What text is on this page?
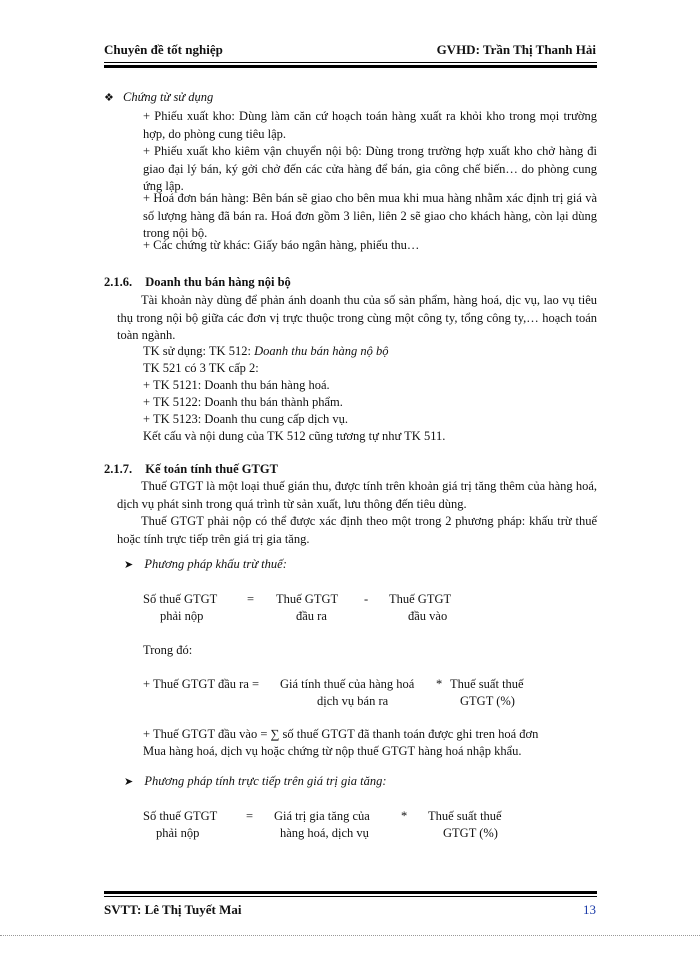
Chuyên đề tốt nghiệp	GVHD: Trần Thị Thanh Hải
❖ Chứng từ sử dụng
+ Phiếu xuất kho: Dùng làm căn cứ hoạch toán hàng xuất ra khỏi kho trong mọi trường hợp, do phòng cung tiêu lập.
+ Phiếu xuất kho kiêm vận chuyển nội bộ: Dùng trong trường hợp xuất kho chở hàng đi giao đại lý bán, ký gởi chở đến các cửa hàng để bán, gia công chế biến… do phòng cung ứng lập.
+ Hoá đơn bán hàng: Bên bán sẽ giao cho bên mua khi mua hàng nhằm xác định trị giá và số lượng hàng đã bán ra. Hoá đơn gồm 3 liên, liên 2 sẽ giao cho khách hàng, còn lại dùng trong nội bộ.
+ Các chứng từ khác: Giấy báo ngân hàng, phiếu thu…
2.1.6. Doanh thu bán hàng nội bộ
Tài khoản này dùng để phản ánh doanh thu của số sản phẩm, hàng hoá, dịc vụ, lao vụ tiêu thụ trong nội bộ giữa các đơn vị trực thuộc trong cùng một công ty, tổng công ty,… hoạch toán toàn ngành.
TK sử dụng: TK 512: Doanh thu bán hàng nộ bộ
TK 521 có 3 TK cấp 2:
+ TK 5121: Doanh thu bán hàng hoá.
+ TK 5122: Doanh thu bán thành phẩm.
+ TK 5123: Doanh thu cung cấp dịch vụ.
Kết cấu và nội dung của TK 512 cũng tương tự như TK 511.
2.1.7. Kế toán tính thuế GTGT
Thuế GTGT là một loại thuế gián thu, được tính trên khoản giá trị tăng thêm của hàng hoá, dịch vụ phát sinh trong quá trình từ sản xuất, lưu thông đến tiêu dùng.
Thuế GTGT phải nộp có thể được xác định theo một trong 2 phương pháp: khấu trừ thuế hoặc tính trực tiếp trên giá trị gia tăng.
➤ Phương pháp khấu trừ thuế:
Số thuế GTGT
phải nộp
= Thuế GTGT
đầu ra
- Thuế GTGT
đầu vào
Trong đó:
+ Thuế GTGT đầu ra = Giá tính thuế của hàng hoá
dịch vụ bán ra
* Thuế suất thuế
GTGT (%)
+ Thuế GTGT đầu vào = ∑ số thuế GTGT đã thanh toán được ghi tren hoá đơn
Mua hàng hoá, dịch vụ hoặc chứng từ nộp thuế GTGT hàng hoá nhập khẩu.
➤ Phương pháp tính trực tiếp trên giá trị gia tăng:
Số thuế GTGT
phải nộp
= Giá trị gia tăng của
hàng hoá, dịch vụ
* Thuế suất thuế
GTGT (%)
SVTT: Lê Thị Tuyết Mai	13
